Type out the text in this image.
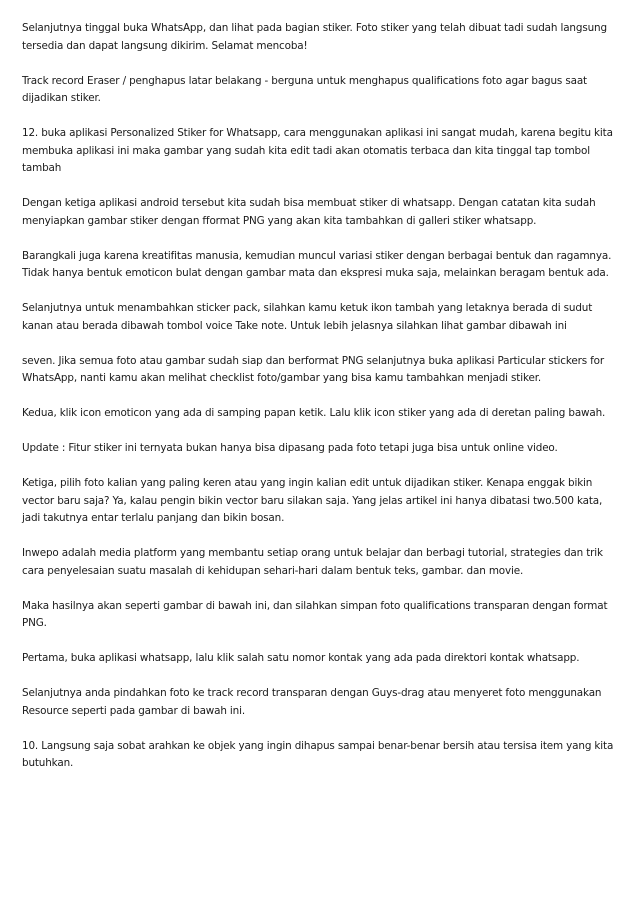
Selanjutnya tinggal buka WhatsApp, dan lihat pada bagian stiker. Foto stiker yang telah dibuat tadi sudah langsung tersedia dan dapat langsung dikirim. Selamat mencoba!

Track record Eraser / penghapus latar belakang - berguna untuk menghapus qualifications foto agar bagus saat dijadikan stiker.

12. buka aplikasi Personalized Stiker for Whatsapp, cara menggunakan aplikasi ini sangat mudah, karena begitu kita membuka aplikasi ini maka gambar yang sudah kita edit tadi akan otomatis terbaca dan kita tinggal tap tombol tambah

Dengan ketiga aplikasi android tersebut kita sudah bisa membuat stiker di whatsapp. Dengan catatan kita sudah menyiapkan gambar stiker dengan fformat PNG yang akan kita tambahkan di galleri stiker whatsapp.

Barangkali juga karena kreatifitas manusia, kemudian muncul variasi stiker dengan berbagai bentuk dan ragamnya. Tidak hanya bentuk emoticon bulat dengan gambar mata dan ekspresi muka saja, melainkan beragam bentuk ada.

Selanjutnya untuk menambahkan sticker pack, silahkan kamu ketuk ikon tambah yang letaknya berada di sudut kanan atau berada dibawah tombol voice Take note. Untuk lebih jelasnya silahkan lihat gambar dibawah ini

seven. Jika semua foto atau gambar sudah siap dan berformat PNG selanjutnya buka aplikasi Particular stickers for WhatsApp, nanti kamu akan melihat checklist foto/gambar yang bisa kamu tambahkan menjadi stiker.

Kedua, klik icon emoticon yang ada di samping papan ketik. Lalu klik icon stiker yang ada di deretan paling bawah.

Update : Fitur stiker ini ternyata bukan hanya bisa dipasang pada foto tetapi juga bisa untuk online video.

Ketiga, pilih foto kalian yang paling keren atau yang ingin kalian edit untuk dijadikan stiker. Kenapa enggak bikin vector baru saja? Ya, kalau pengin bikin vector baru silakan saja. Yang jelas artikel ini hanya dibatasi two.500 kata, jadi takutnya entar terlalu panjang dan bikin bosan.

Inwepo adalah media platform yang membantu setiap orang untuk belajar dan berbagi tutorial, strategies dan trik cara penyelesaian suatu masalah di kehidupan sehari-hari dalam bentuk teks, gambar. dan movie.

Maka hasilnya akan seperti gambar di bawah ini, dan silahkan simpan foto qualifications transparan dengan format PNG.

Pertama, buka aplikasi whatsapp, lalu klik salah satu nomor kontak yang ada pada direktori kontak whatsapp.

Selanjutnya anda pindahkan foto ke track record transparan dengan Guys-drag atau menyeret foto menggunakan Resource seperti pada gambar di bawah ini.

10. Langsung saja sobat arahkan ke objek yang ingin dihapus sampai benar-benar bersih atau tersisa item yang kita butuhkan.
